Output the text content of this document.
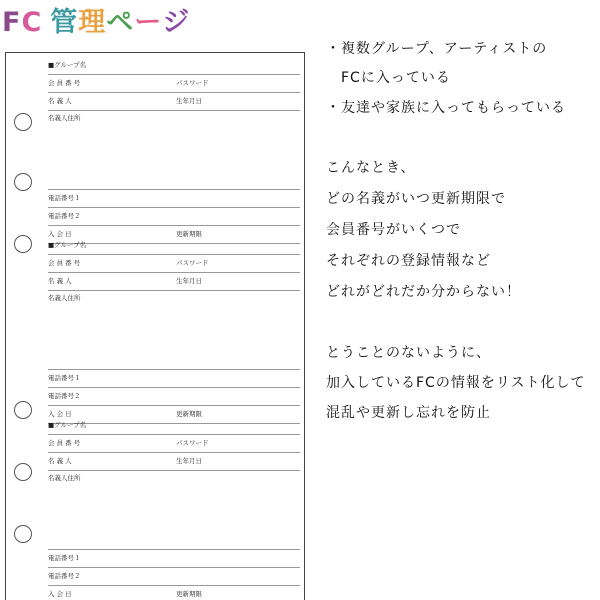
FC 管理ページ
■グループ名
会 員 番 号	パスワード
名 義 人	生年月日
名義人住所
電話番号１
電話番号２
入 会 日	更新期限
■グループ名
会 員 番 号	パスワード
名 義 人	生年月日
名義人住所
電話番号１
電話番号２
入 会 日	更新期限
■グループ名
会 員 番 号	パスワード
名 義 人	生年月日
名義人住所
電話番号１
電話番号２
入 会 日	更新期限
・複数グループ、アーティストの
　FCに入っている
・友達や家族に入ってもらっている
こんなとき、
どの名義がいつ更新期限で
会員番号がいくつで
それぞれの登録情報など
どれがどれだか分からない！
とうことのないように、
加入しているFCの情報をリスト化して
混乱や更新し忘れを防止
